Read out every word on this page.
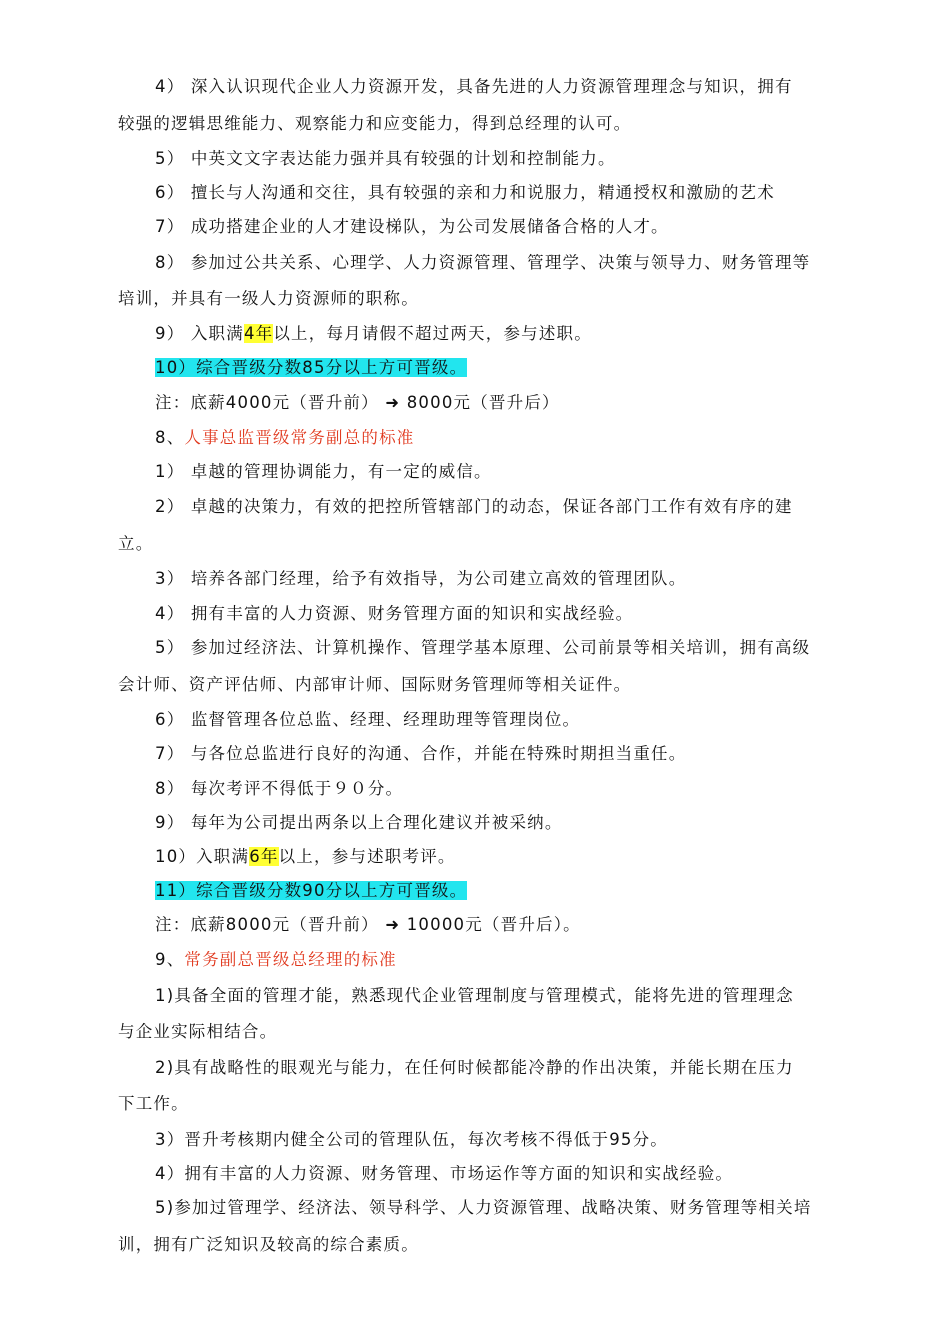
4） 深入认识现代企业人力资源开发，具备先进的人力资源管理理念与知识，拥有
较强的逻辑思维能力、观察能力和应变能力，得到总经理的认可。
5） 中英文文字表达能力强并具有较强的计划和控制能力。
6） 擅长与人沟通和交往，具有较强的亲和力和说服力，精通授权和激励的艺术
7） 成功搭建企业的人才建设梯队，为公司发展储备合格的人才。
8） 参加过公共关系、心理学、人力资源管理、管理学、决策与领导力、财务管理等
培训，并具有一级人力资源师的职称。
9） 入职满4年以上，每月请假不超过两天，参与述职。
10）综合晋级分数85分以上方可晋级。
注：底薪4000元（晋升前） ➜ 8000元（晋升后）
8、人事总监晋级常务副总的标准
1） 卓越的管理协调能力，有一定的威信。
2） 卓越的决策力，有效的把控所管辖部门的动态，保证各部门工作有效有序的建
立。
3） 培养各部门经理，给予有效指导，为公司建立高效的管理团队。
4） 拥有丰富的人力资源、财务管理方面的知识和实战经验。
5） 参加过经济法、计算机操作、管理学基本原理、公司前景等相关培训，拥有高级
会计师、资产评估师、内部审计师、国际财务管理师等相关证件。
6） 监督管理各位总监、经理、经理助理等管理岗位。
7） 与各位总监进行良好的沟通、合作，并能在特殊时期担当重任。
8） 每次考评不得低于９０分。
9） 每年为公司提出两条以上合理化建议并被采纳。
10）入职满6年以上，参与述职考评。
11）综合晋级分数90分以上方可晋级。
注：底薪8000元（晋升前） ➜ 10000元（晋升后）。
9、常务副总晋级总经理的标准
1)具备全面的管理才能，熟悉现代企业管理制度与管理模式，能将先进的管理理念
与企业实际相结合。
2)具有战略性的眼观光与能力，在任何时候都能冷静的作出决策，并能长期在压力
下工作。
3）晋升考核期内健全公司的管理队伍，每次考核不得低于95分。
4）拥有丰富的人力资源、财务管理、市场运作等方面的知识和实战经验。
5)参加过管理学、经济法、领导科学、人力资源管理、战略决策、财务管理等相关培
训，拥有广泛知识及较高的综合素质。
